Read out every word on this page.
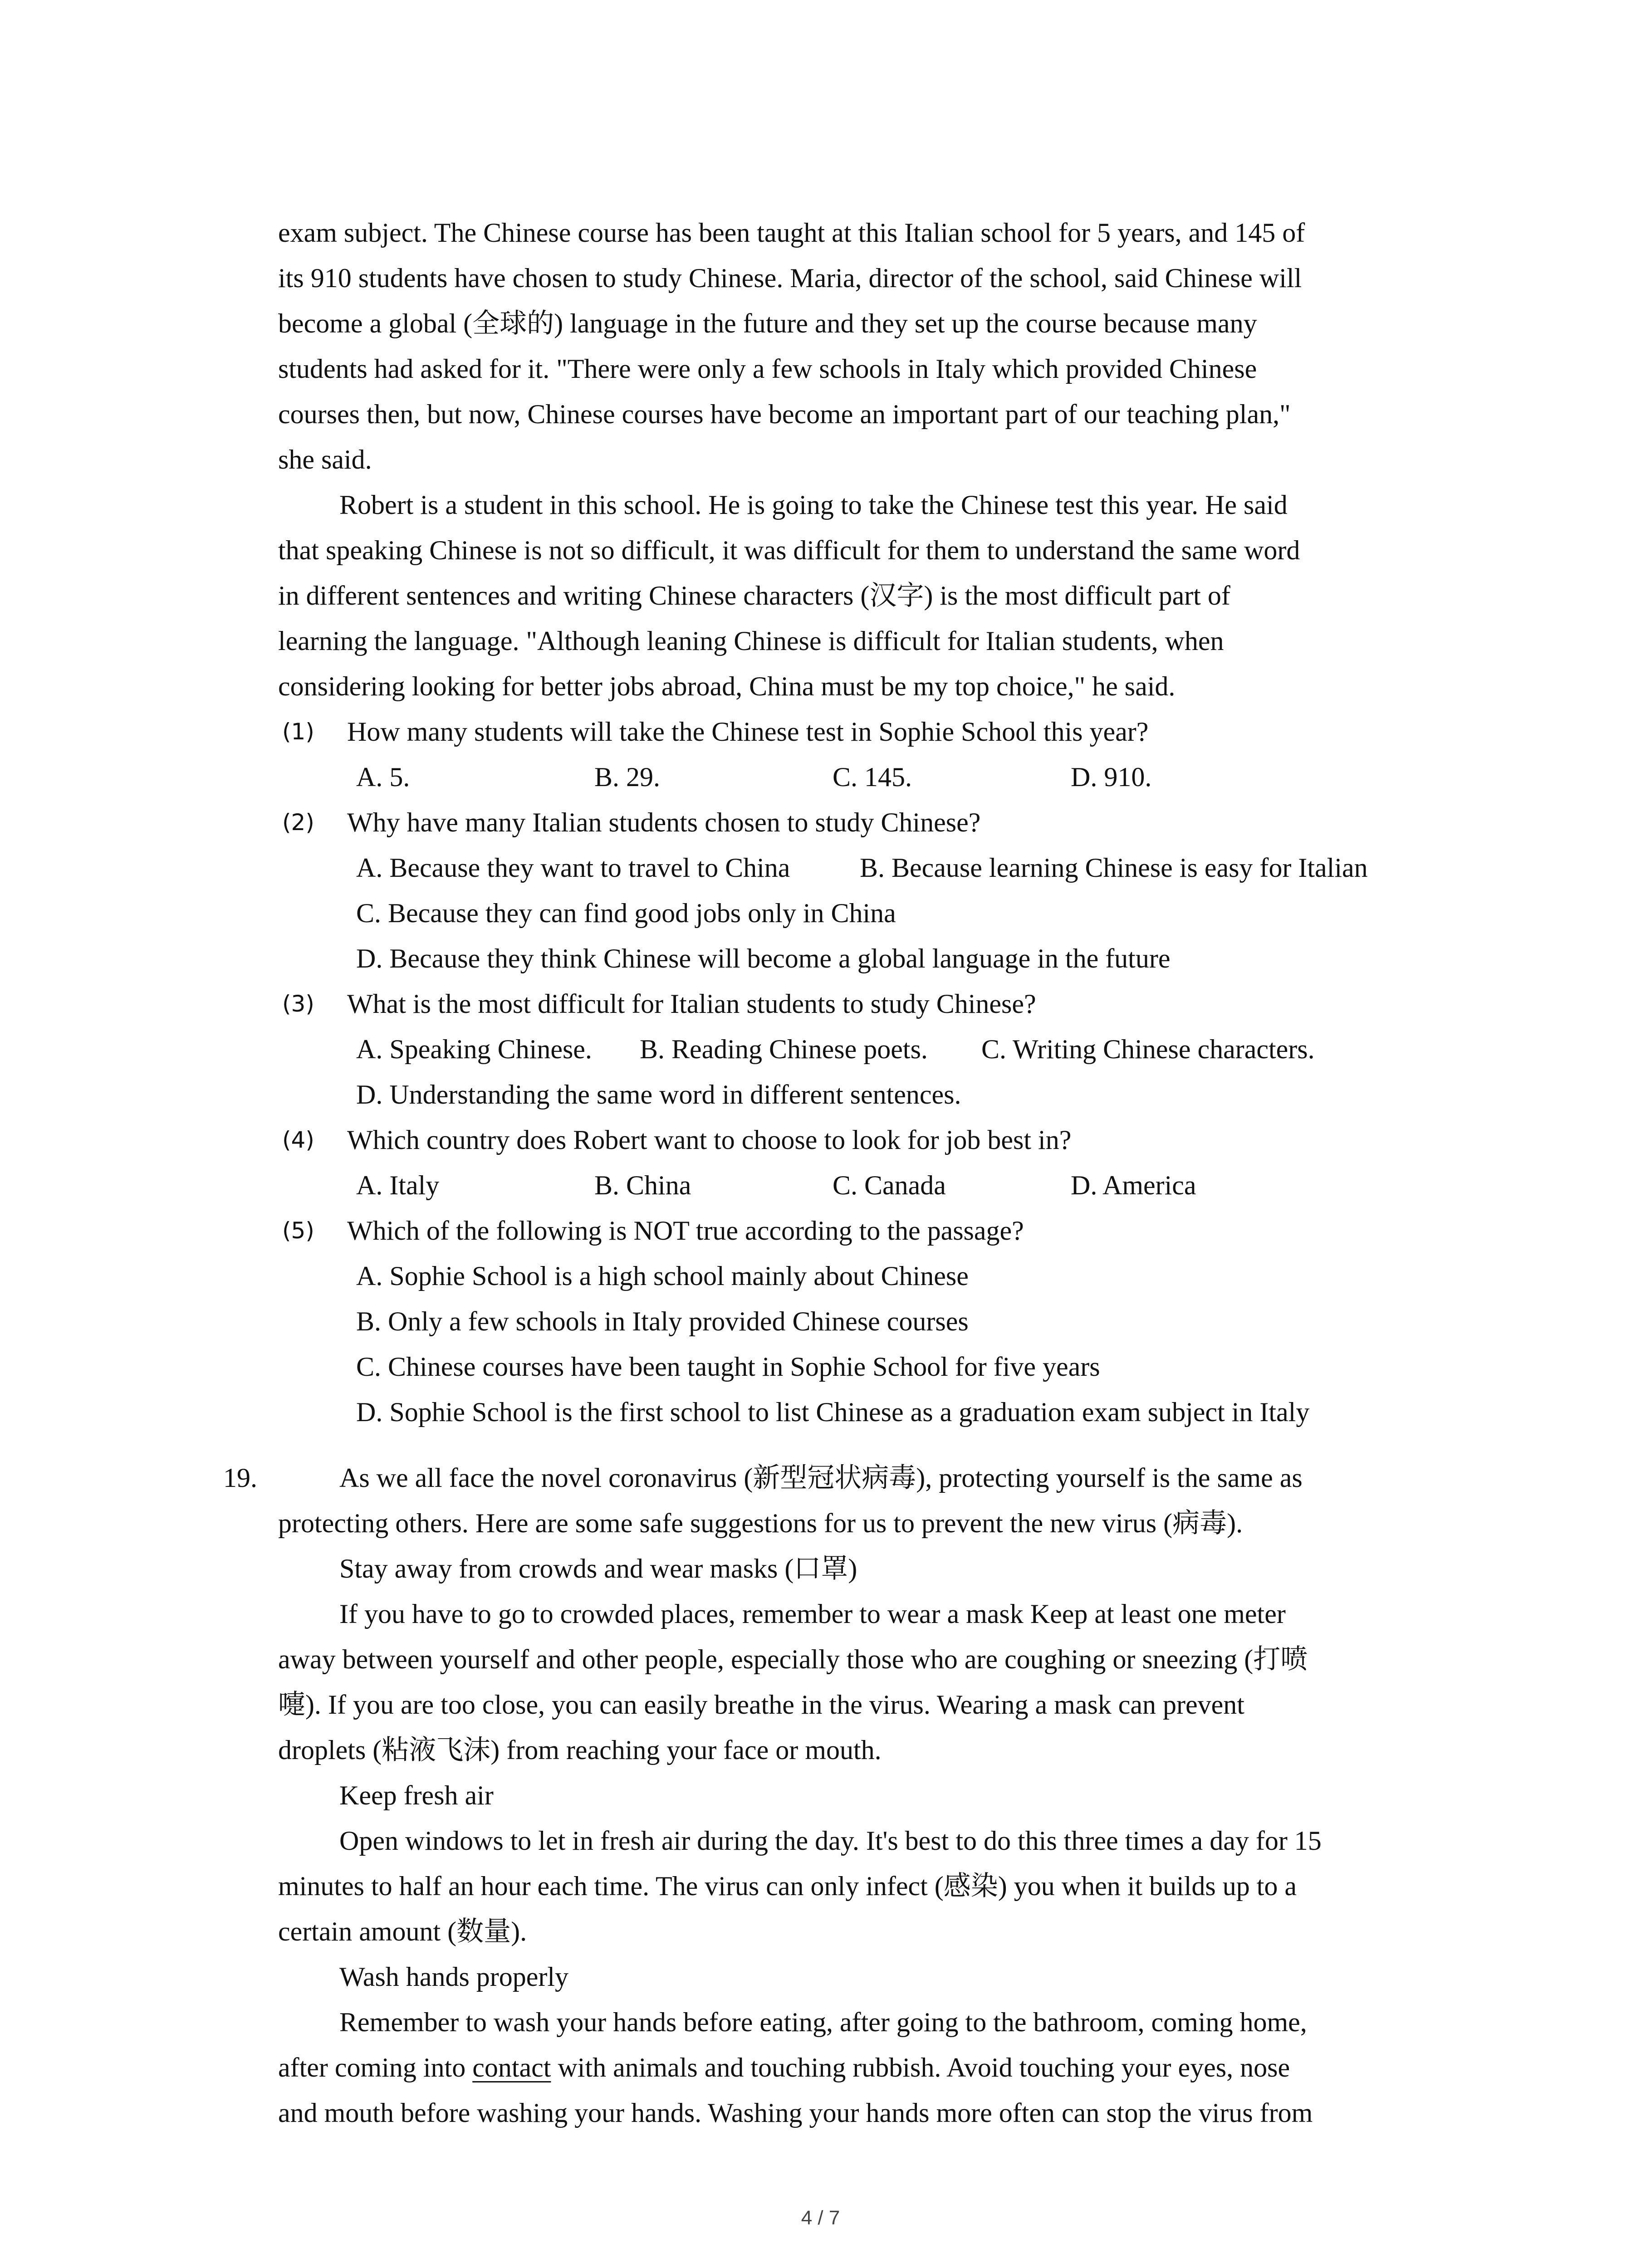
exam subject. The Chinese course has been taught at this Italian school for 5 years, and 145 of
its 910 students have chosen to study Chinese. Maria, director of the school, said Chinese will
become a global (全球的) language in the future and they set up the course because many
students had asked for it. "There were only a few schools in Italy which provided Chinese
courses then, but now, Chinese courses have become an important part of our teaching plan,"
she said.
Robert is a student in this school. He is going to take the Chinese test this year. He said
that speaking Chinese is not so difficult, it was difficult for them to understand the same word
in different sentences and writing Chinese characters (汉字) is the most difficult part of
learning the language. "Although leaning Chinese is difficult for Italian students, when
considering looking for better jobs abroad, China must be my top choice," he said.
(1) How many students will take the Chinese test in Sophie School this year?
A. 5.	B. 29.	C. 145.	D. 910.
(2) Why have many Italian students chosen to study Chinese?
A. Because they want to travel to China	B. Because learning Chinese is easy for Italian
C. Because they can find good jobs only in China
D. Because they think Chinese will become a global language in the future
(3) What is the most difficult for Italian students to study Chinese?
A. Speaking Chinese. B. Reading Chinese poets. C. Writing Chinese characters.
D. Understanding the same word in different sentences.
(4) Which country does Robert want to choose to look for job best in?
A. Italy	B. China	C. Canada	D. America
(5) Which of the following is NOT true according to the passage?
A. Sophie School is a high school mainly about Chinese
B. Only a few schools in Italy provided Chinese courses
C. Chinese courses have been taught in Sophie School for five years
D. Sophie School is the first school to list Chinese as a graduation exam subject in Italy
19.	As we all face the novel coronavirus (新型冠状病毒), protecting yourself is the same as
protecting others. Here are some safe suggestions for us to prevent the new virus (病毒).
Stay away from crowds and wear masks (口罩)
If you have to go to crowded places, remember to wear a mask Keep at least one meter
away between yourself and other people, especially those who are coughing or sneezing (打喷
嚏). If you are too close, you can easily breathe in the virus. Wearing a mask can prevent
droplets (粘液飞沫) from reaching your face or mouth.
Keep fresh air
Open windows to let in fresh air during the day. It's best to do this three times a day for 15
minutes to half an hour each time. The virus can only infect (感染) you when it builds up to a
certain amount (数量).
Wash hands properly
Remember to wash your hands before eating, after going to the bathroom, coming home,
after coming into contact with animals and touching rubbish. Avoid touching your eyes, nose
and mouth before washing your hands. Washing your hands more often can stop the virus from
4 / 7
